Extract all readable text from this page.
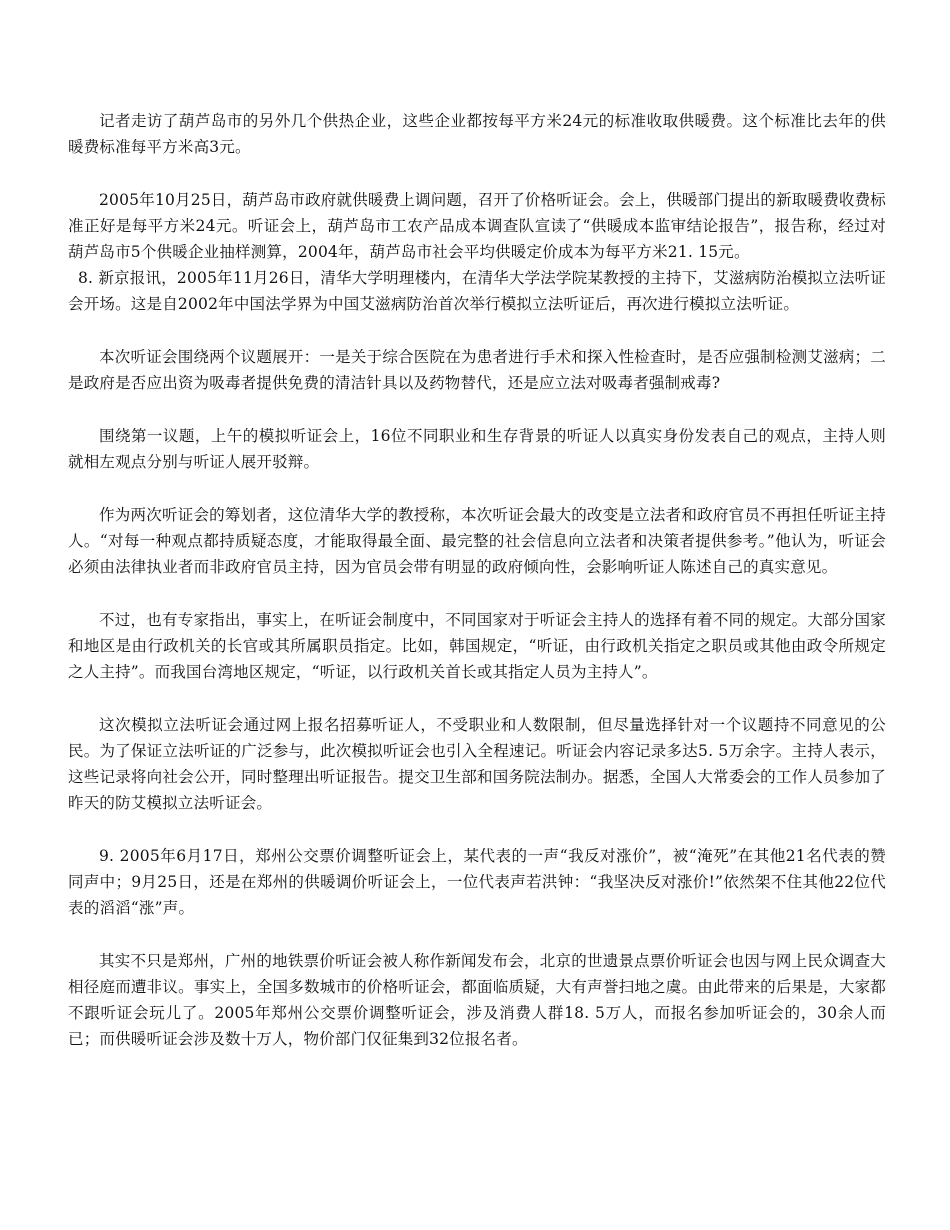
记者走访了葫芦岛市的另外几个供热企业，这些企业都按每平方米24元的标准收取供暖费。这个标准比去年的供暖费标准每平方米高3元。

2005年10月25日，葫芦岛市政府就供暖费上调问题，召开了价格听证会。会上，供暖部门提出的新取暖费收费标准正好是每平方米24元。听证会上，葫芦岛市工农产品成本调查队宣读了“供暖成本监审结论报告”，报告称，经过对葫芦岛市5个供暖企业抽样测算，2004年，葫芦岛市社会平均供暖定价成本为每平方米21. 15元。

8. 新京报讯，2005年11月26日，清华大学明理楼内，在清华大学法学院某教授的主持下，艾滋病防治模拟立法听证会开场。这是自2002年中国法学界为中国艾滋病防治首次举行模拟立法听证后，再次进行模拟立法听证。

本次听证会围绕两个议题展开：一是关于综合医院在为患者进行手术和探入性检查时，是否应强制检测艾滋病；二是政府是否应出资为吸毒者提供免费的清洁针具以及药物替代，还是应立法对吸毒者强制戒毒?

围绕第一议题，上午的模拟听证会上，16位不同职业和生存背景的听证人以真实身份发表自己的观点，主持人则就相左观点分别与听证人展开驳辩。

作为两次听证会的筹划者，这位清华大学的教授称，本次听证会最大的改变是立法者和政府官员不再担任听证主持人。“对每一种观点都持质疑态度，才能取得最全面、最完整的社会信息向立法者和决策者提供参考。”他认为，听证会必须由法律执业者而非政府官员主持，因为官员会带有明显的政府倾向性，会影响听证人陈述自己的真实意见。

不过，也有专家指出，事实上，在听证会制度中，不同国家对于听证会主持人的选择有着不同的规定。大部分国家和地区是由行政机关的长官或其所属职员指定。比如，韩国规定，“听证，由行政机关指定之职员或其他由政令所规定之人主持”。而我国台湾地区规定，“听证，以行政机关首长或其指定人员为主持人”。

这次模拟立法听证会通过网上报名招募听证人，不受职业和人数限制，但尽量选择针对一个议题持不同意见的公民。为了保证立法听证的广泛参与，此次模拟听证会也引入全程速记。听证会内容记录多达5. 5万余字。主持人表示，这些记录将向社会公开，同时整理出听证报告。提交卫生部和国务院法制办。据悉，全国人大常委会的工作人员参加了昨天的防艾模拟立法听证会。

9. 2005年6月17日，郑州公交票价调整听证会上，某代表的一声“我反对涨价”，被“淹死”在其他21名代表的赞同声中；9月25日，还是在郑州的供暖调价听证会上，一位代表声若洪钟：“我坚决反对涨价!”依然架不住其他22位代表的滔滔“涨”声。

其实不只是郑州，广州的地铁票价听证会被人称作新闻发布会，北京的世遗景点票价听证会也因与网上民众调查大相径庭而遭非议。事实上，全国多数城市的价格听证会，都面临质疑，大有声誉扫地之虞。由此带来的后果是，大家都不跟听证会玩儿了。2005年郑州公交票价调整听证会，涉及消费人群18. 5万人，而报名参加听证会的，30余人而已；而供暖听证会涉及数十万人，物价部门仅征集到32位报名者。
